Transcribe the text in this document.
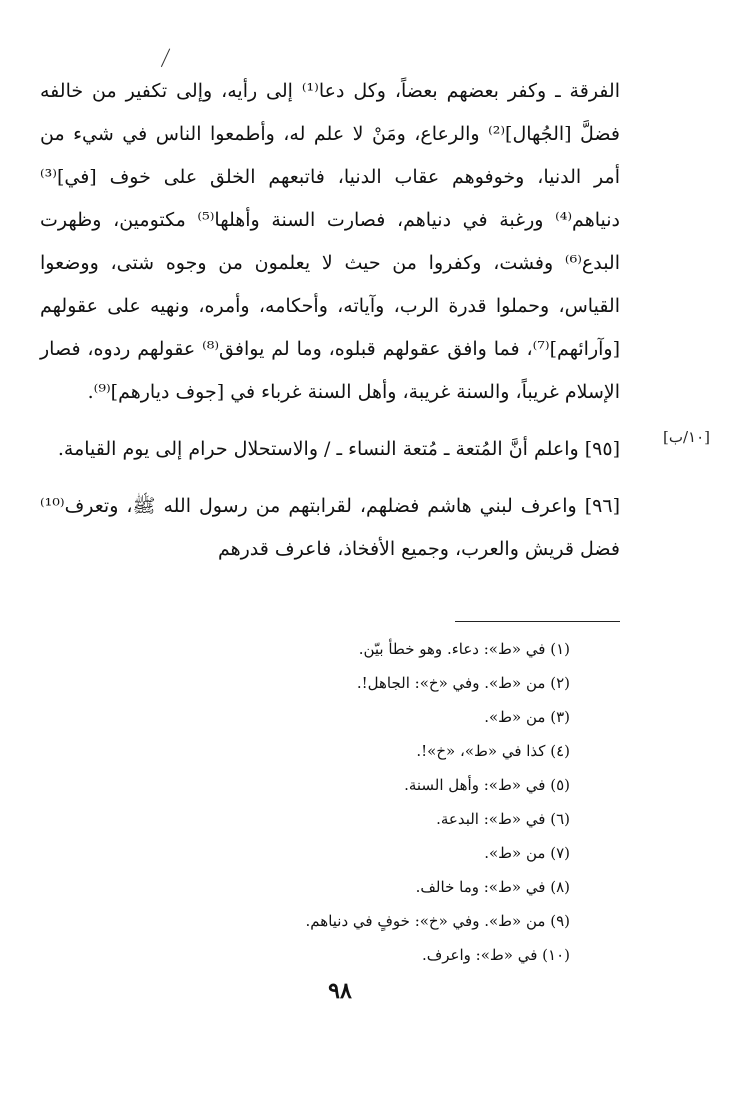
الفرقة ـ وكفر بعضهم بعضاً، وكل دعا⁽¹⁾ إلى رأيه، وإلى تكفير من خالفه فضلَّ [الجُهال]⁽²⁾ والرعاع، ومَنْ لا علم له، وأطمعوا الناس في شيء من أمر الدنيا، وخوفوهم عقاب الدنيا، فاتبعهم الخلق على خوف [في]⁽³⁾ دنياهم⁽⁴⁾ ورغبة في دنياهم، فصارت السنة وأهلها⁽⁵⁾ مكتومين، وظهرت البدع⁽⁶⁾ وفشت، وكفروا من حيث لا يعلمون من وجوه شتى، ووضعوا القياس، وحملوا قدرة الرب، وآياته، وأحكامه، وأمره، ونهيه على عقولهم [وآرائهم]⁽⁷⁾، فما وافق عقولهم قبلوه، وما لم يوافق⁽⁸⁾ عقولهم ردوه، فصار الإسلام غريباً، والسنة غريبة، وأهل السنة غرباء في [جوف ديارهم]⁽⁹⁾.

[٩٥] واعلم أنَّ المُتعة ـ مُتعة النساء ـ / والاستحلال حرام إلى يوم القيامة.

[٩٦] واعرف لبني هاشم فضلهم، لقرابتهم من رسول الله ﷺ، وتعرف⁽¹⁰⁾ فضل قريش والعرب، وجميع الأفخاذ، فاعرف قدرهم

[١٠/ب]
(١) في «ط»: دعاء. وهو خطأ بيّن.
(٢) من «ط». وفي «خ»: الجاهل!.
(٣) من «ط».
(٤) كذا في «ط»، «خ»!.
(٥) في «ط»: وأهل السنة.
(٦) في «ط»: البدعة.
(٧) من «ط».
(٨) في «ط»: وما خالف.
(٩) من «ط». وفي «خ»: خوفٍ في دنياهم.
(١٠) في «ط»: واعرف.
٩٨
